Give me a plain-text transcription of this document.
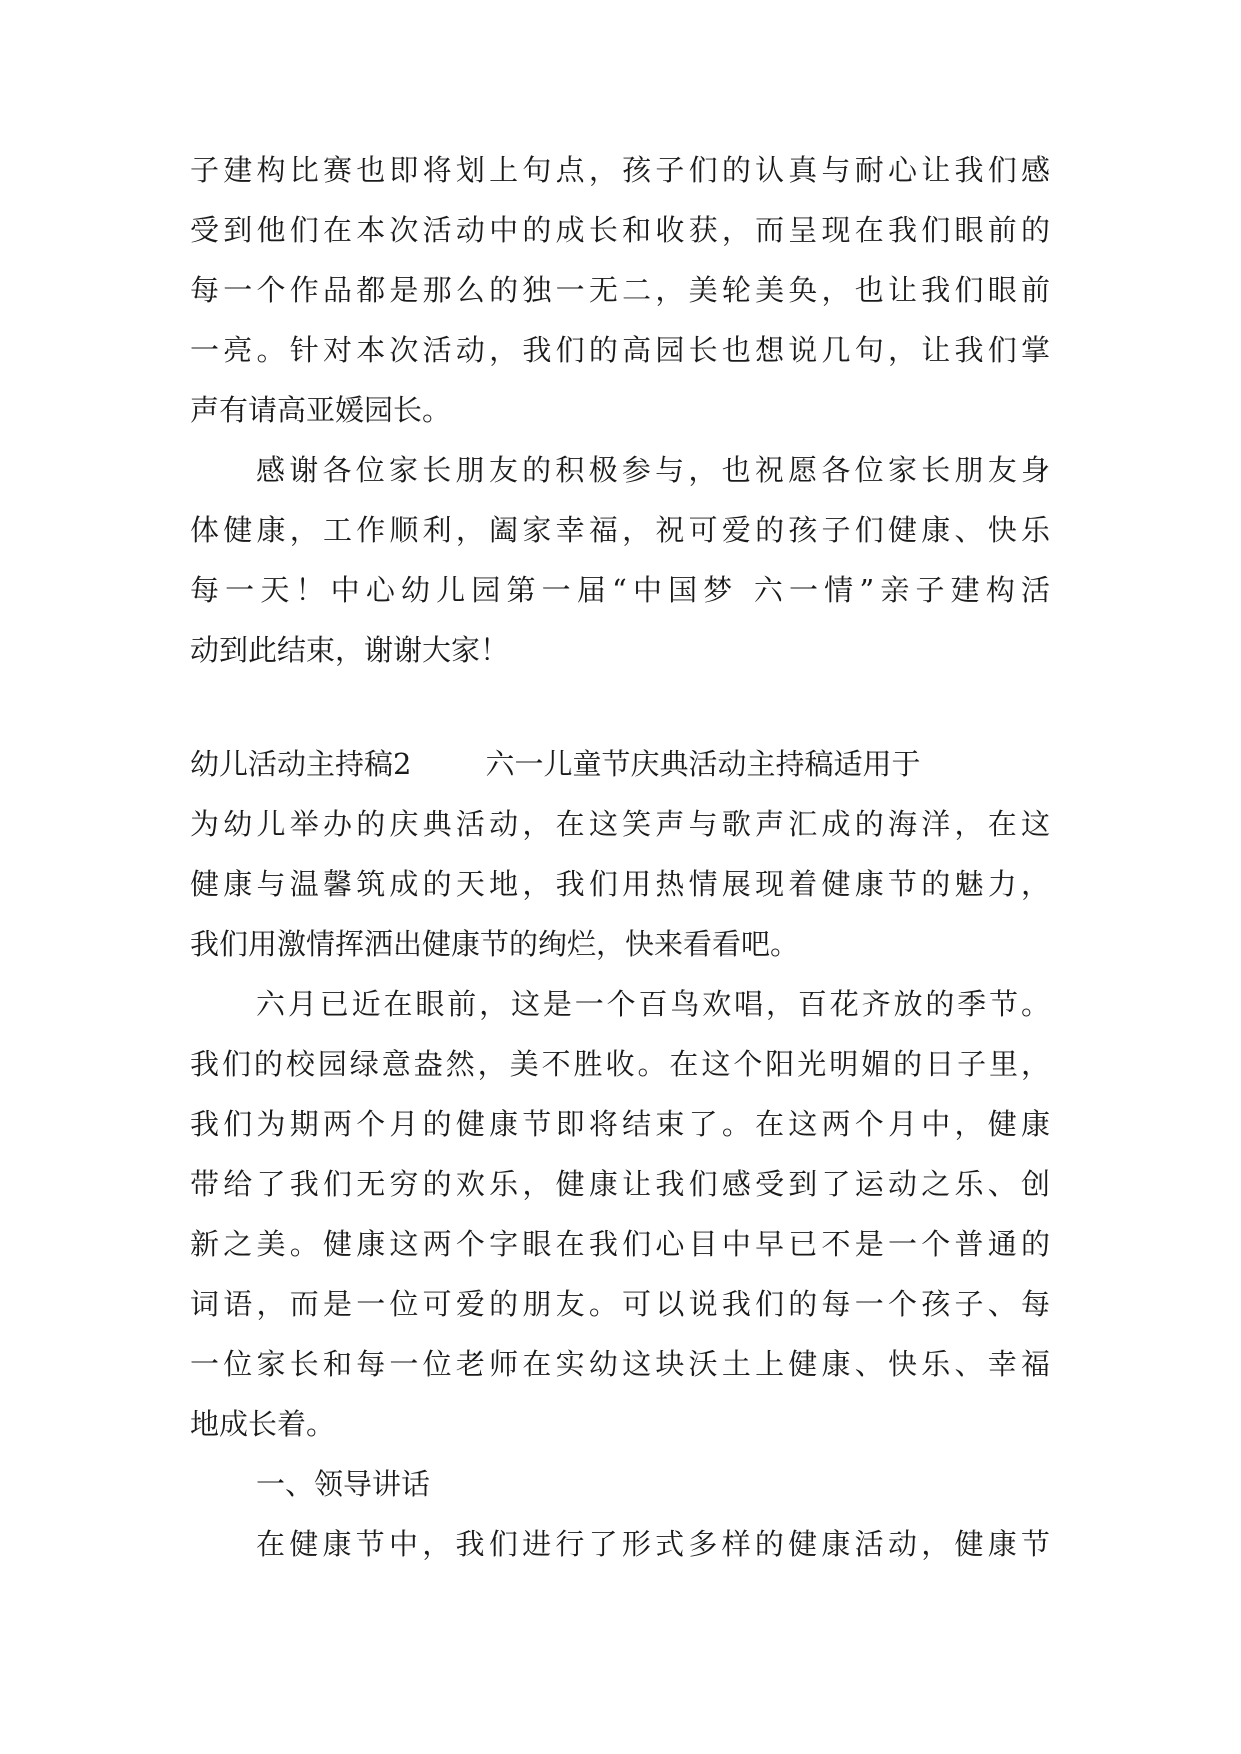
子建构比赛也即将划上句点，孩子们的认真与耐心让我们感
受到他们在本次活动中的成长和收获，而呈现在我们眼前的
每一个作品都是那么的独一无二，美轮美奂，也让我们眼前
一亮。针对本次活动，我们的高园长也想说几句，让我们掌
声有请高亚媛园长。
感谢各位家长朋友的积极参与，也祝愿各位家长朋友身
体健康，工作顺利，阖家幸福，祝可爱的孩子们健康、快乐
每一天！中心幼儿园第一届“中国梦 六一情”亲子建构活
动到此结束，谢谢大家！
幼儿活动主持稿2	六一儿童节庆典活动主持稿适用于
为幼儿举办的庆典活动，在这笑声与歌声汇成的海洋，在这
健康与温馨筑成的天地，我们用热情展现着健康节的魅力，
我们用激情挥洒出健康节的绚烂，快来看看吧。
六月已近在眼前，这是一个百鸟欢唱，百花齐放的季节。
我们的校园绿意盎然，美不胜收。在这个阳光明媚的日子里，
我们为期两个月的健康节即将结束了。在这两个月中，健康
带给了我们无穷的欢乐，健康让我们感受到了运动之乐、创
新之美。健康这两个字眼在我们心目中早已不是一个普通的
词语，而是一位可爱的朋友。可以说我们的每一个孩子、每
一位家长和每一位老师在实幼这块沃土上健康、快乐、幸福
地成长着。
一、领导讲话
在健康节中，我们进行了形式多样的健康活动，健康节
